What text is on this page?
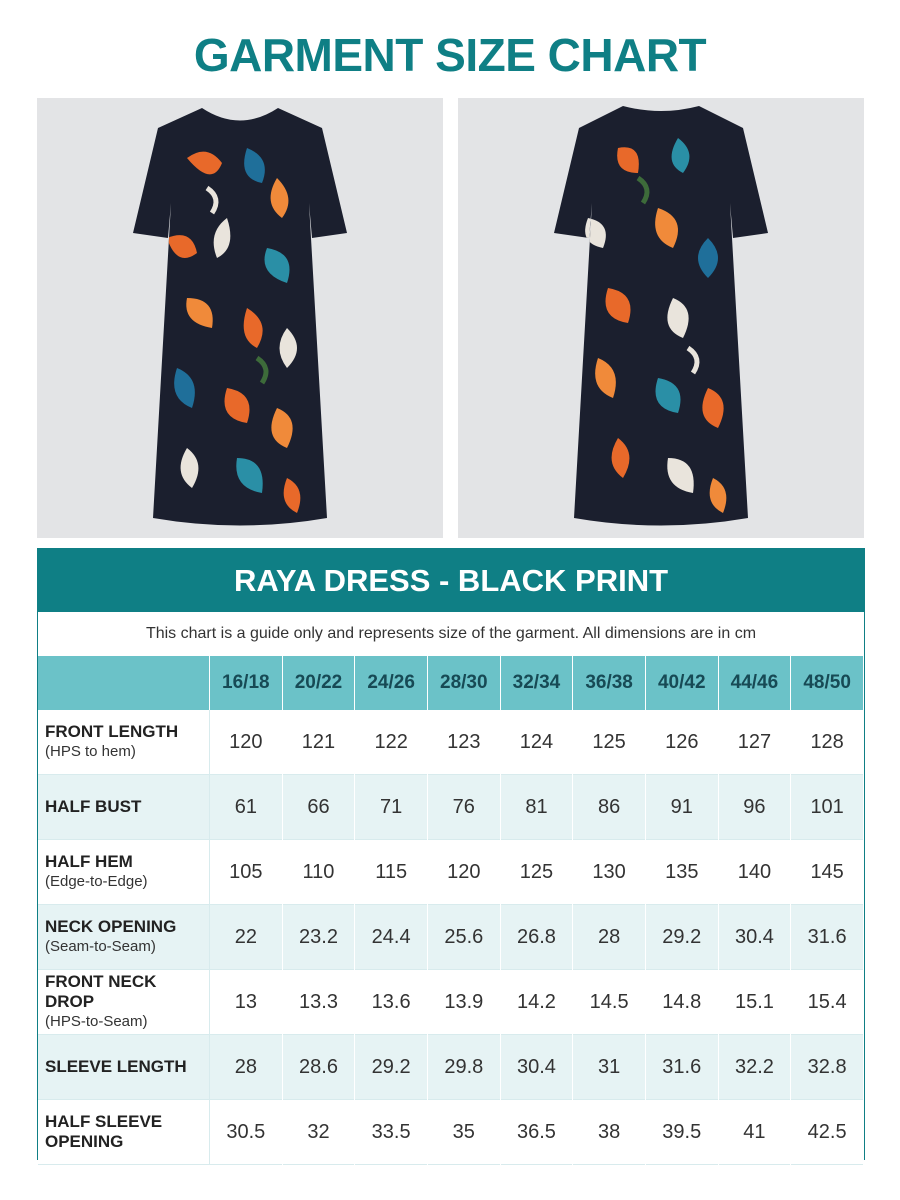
GARMENT SIZE CHART
RAYA DRESS - BLACK PRINT
This chart is a guide only and represents size of the garment. All dimensions are in cm
	16/18	20/22	24/26	28/30	32/34	36/38	40/42	44/46	48/50

FRONT LENGTH
(HPS to hem)	120	121	122	123	124	125	126	127	128

HALF BUST	61	66	71	76	81	86	91	96	101

HALF HEM
(Edge-to-Edge)	105	110	115	120	125	130	135	140	145

NECK OPENING
(Seam-to-Seam)	22	23.2	24.4	25.6	26.8	28	29.2	30.4	31.6

FRONT NECK DROP
(HPS-to-Seam)	13	13.3	13.6	13.9	14.2	14.5	14.8	15.1	15.4

SLEEVE LENGTH	28	28.6	29.2	29.8	30.4	31	31.6	32.2	32.8

HALF SLEEVE OPENING	30.5	32	33.5	35	36.5	38	39.5	41	42.5
